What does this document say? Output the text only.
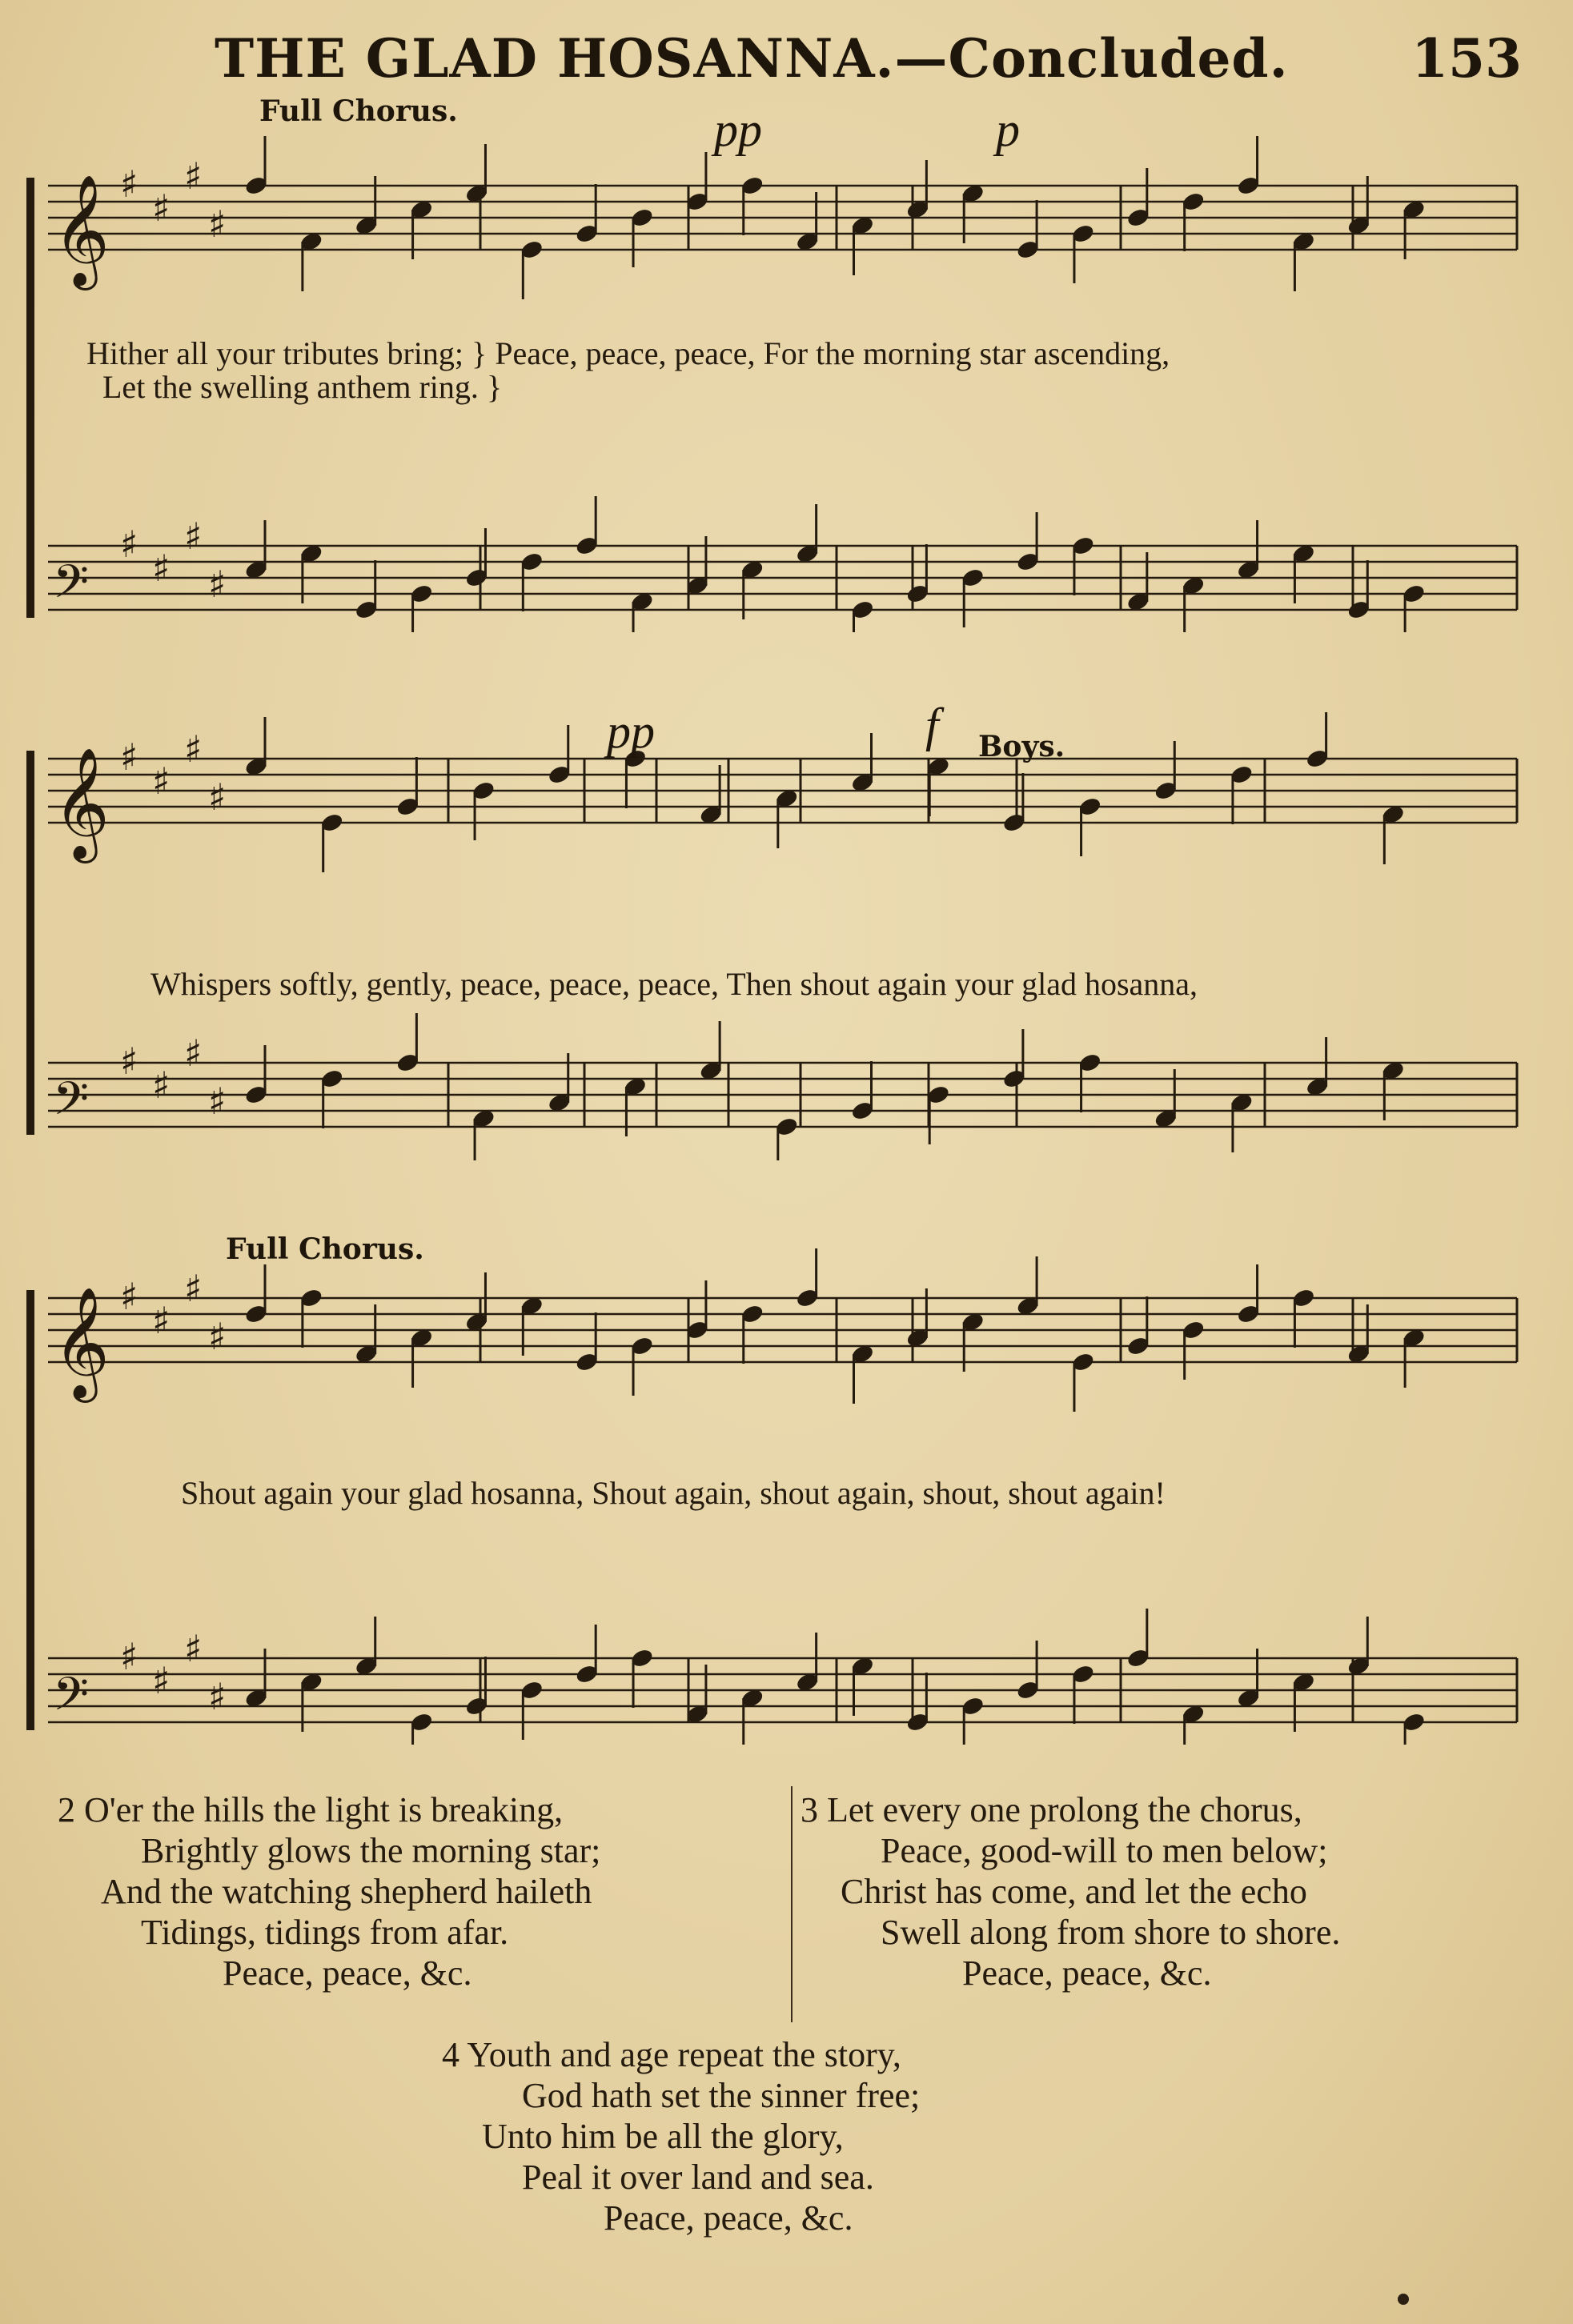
THE GLAD HOSANNA.—Concluded. 153
𝄞 ♯
♯
♯
♯
𝄢
♯
♯
♯
♯
Full Chorus.	pp	p
Hither all your tributes bring; } Peace, peace, peace, For the morning star ascending,
Let the swelling anthem ring. }
𝄞 ♯
♯
♯
♯
𝄢
♯
♯
♯
♯
Boys.
pp	f
Whispers softly, gently, peace, peace, peace, Then shout again your glad hosanna,
𝄞 ♯
♯
♯
♯
𝄢
♯
♯
♯
♯
Full Chorus.
Shout again your glad hosanna, Shout again, shout again, shout, shout again!
2 O'er the hills the light is breaking,
Brightly glows the morning star;
And the watching shepherd haileth
Tidings, tidings from afar.
Peace, peace, &c.
3 Let every one prolong the chorus,
Peace, good-will to men below;
Christ has come, and let the echo
Swell along from shore to shore.
Peace, peace, &c.
4 Youth and age repeat the story,
God hath set the sinner free;
Unto him be all the glory,
Peal it over land and sea.
Peace, peace, &c.
